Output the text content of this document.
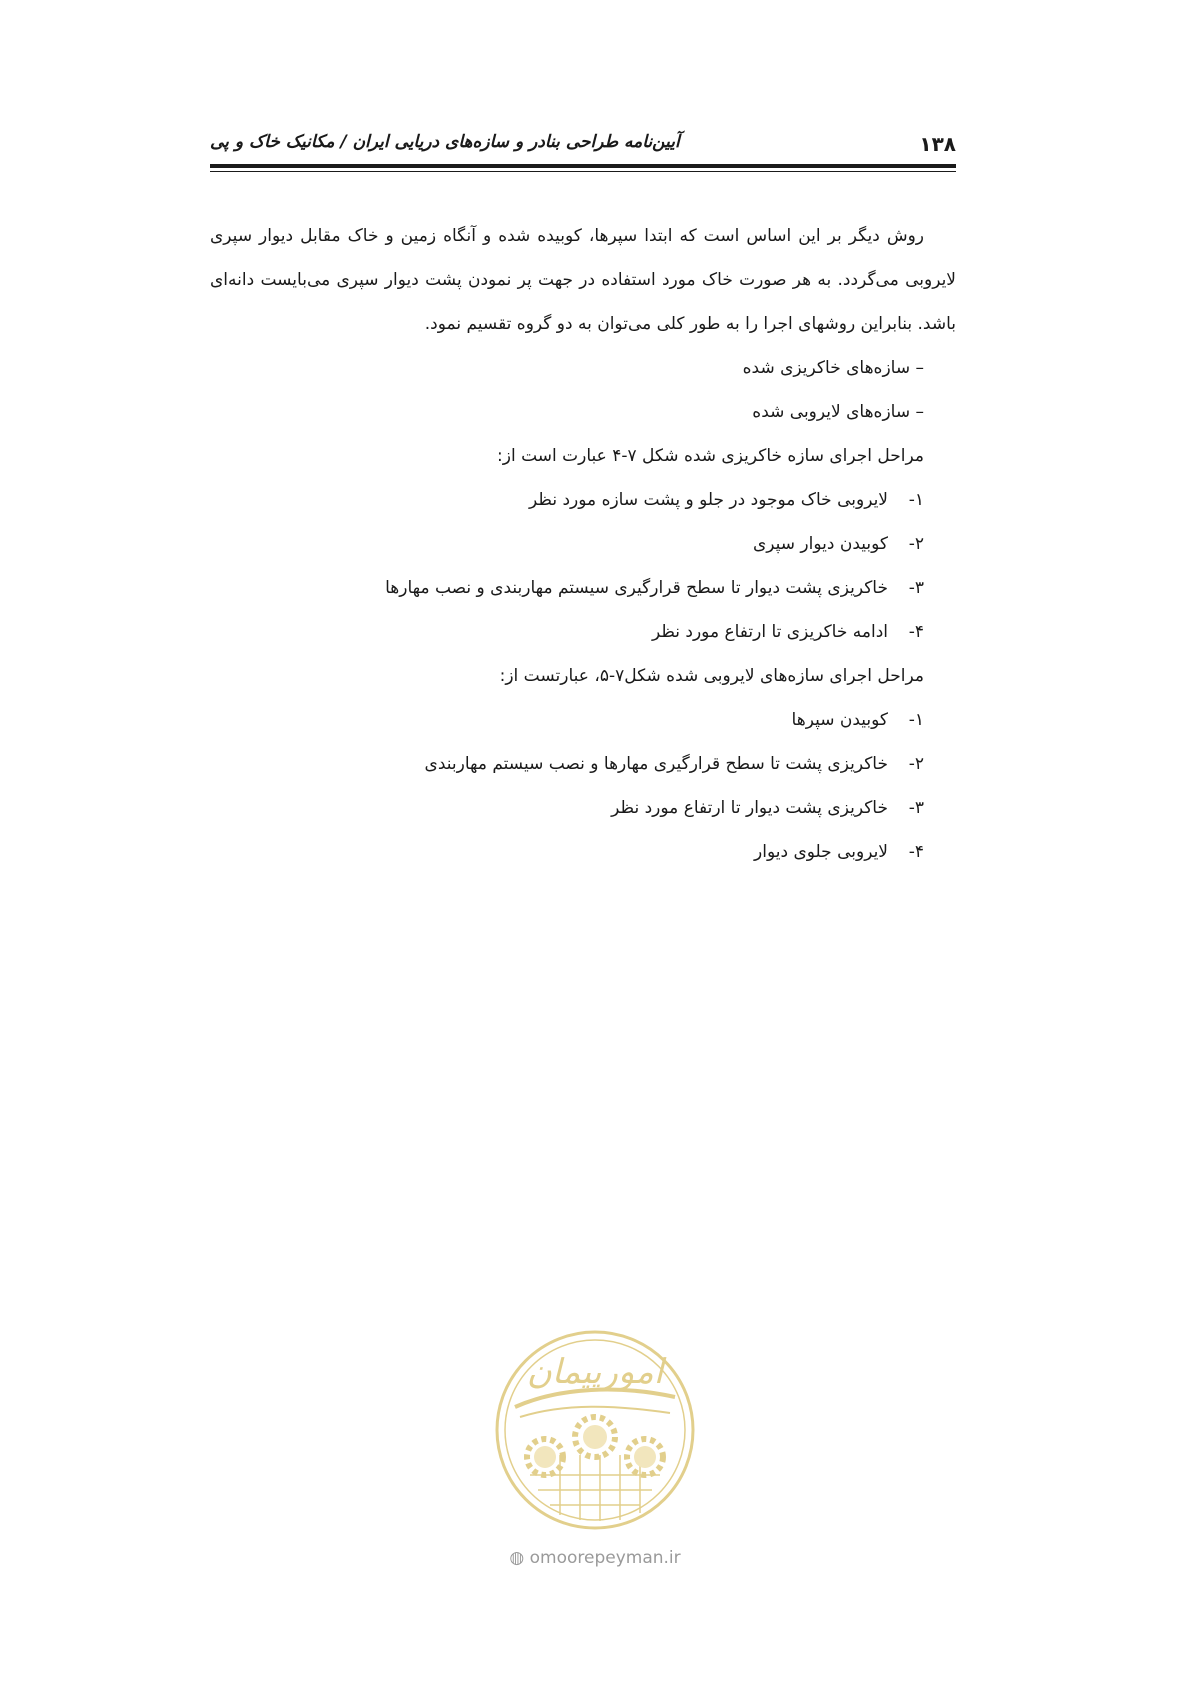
۱۳۸
آیین‌نامه طراحی بنادر و سازه‌های دریایی ایران / مکانیک خاک و پی

روش دیگر بر این اساس است که ابتدا سپرها، کوبیده شده و آنگاه زمین و خاک مقابل دیوار سپری لایروبی می‌گردد. به هر صورت خاک مورد استفاده در جهت پر نمودن پشت دیوار سپری می‌بایست دانه‌ای باشد. بنابراین روشهای اجرا را به طور کلی می‌توان به دو گروه تقسیم نمود.

– سازه‌های خاکریزی شده

– سازه‌های لایروبی شده

مراحل اجرای سازه خاکریزی شده شکل ۷-۴ عبارت است از:

۱-لایروبی خاک موجود در جلو و پشت سازه مورد نظر

۲-کوبیدن دیوار سپری

۳-خاکریزی پشت دیوار تا سطح قرارگیری سیستم مهاربندی و نصب مهارها

۴-ادامه خاکریزی تا ارتفاع مورد نظر

مراحل اجرای سازه‌های لایروبی شده شکل۷-۵، عبارتست از:

۱-کوبیدن سپرها

۲-خاکریزی پشت تا سطح قرارگیری مهارها و نصب سیستم مهاربندی

۳-خاکریزی پشت دیوار تا ارتفاع مورد نظر

۴-لایروبی جلوی دیوار

امورپیمان
◍ omoorepeyman.ir
